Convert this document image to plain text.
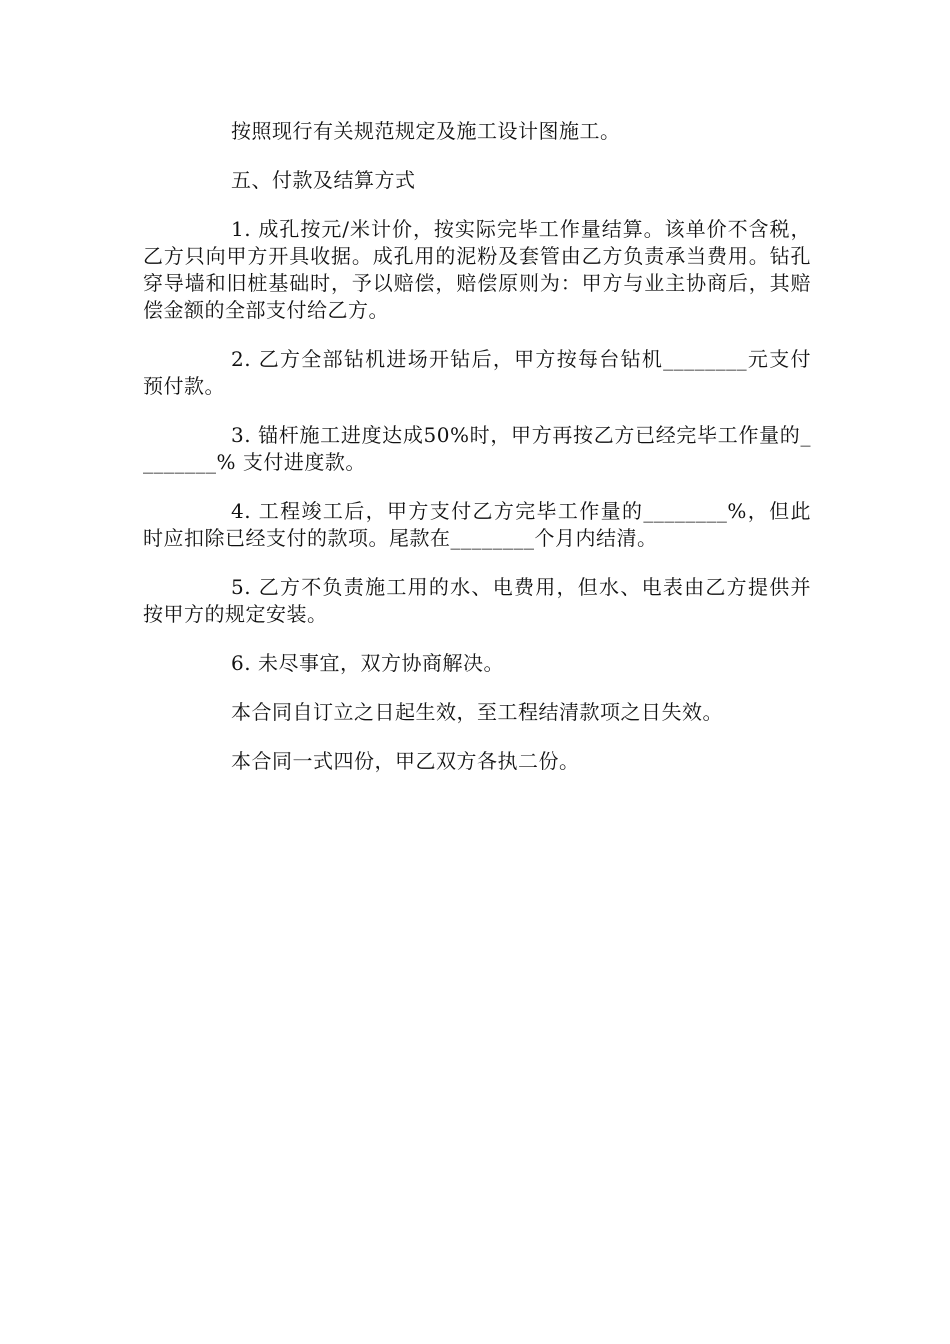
按照现行有关规范规定及施工设计图施工。

五、付款及结算方式

1. 成孔按元/米计价，按实际完毕工作量结算。该单价不含税，乙方只向甲方开具收据。成孔用的泥粉及套管由乙方负责承当费用。钻孔穿导墙和旧桩基础时，予以赔偿，赔偿原则为：甲方与业主协商后，其赔偿金额的全部支付给乙方。

2. 乙方全部钻机进场开钻后，甲方按每台钻机________元支付预付款。

3. 锚杆施工进度达成50%时，甲方再按乙方已经完毕工作量的________% 支付进度款。

4. 工程竣工后，甲方支付乙方完毕工作量的________%，但此时应扣除已经支付的款项。尾款在________个月内结清。

5. 乙方不负责施工用的水、电费用，但水、电表由乙方提供并按甲方的规定安装。

6. 未尽事宜，双方协商解决。

本合同自订立之日起生效，至工程结清款项之日失效。

本合同一式四份，甲乙双方各执二份。
